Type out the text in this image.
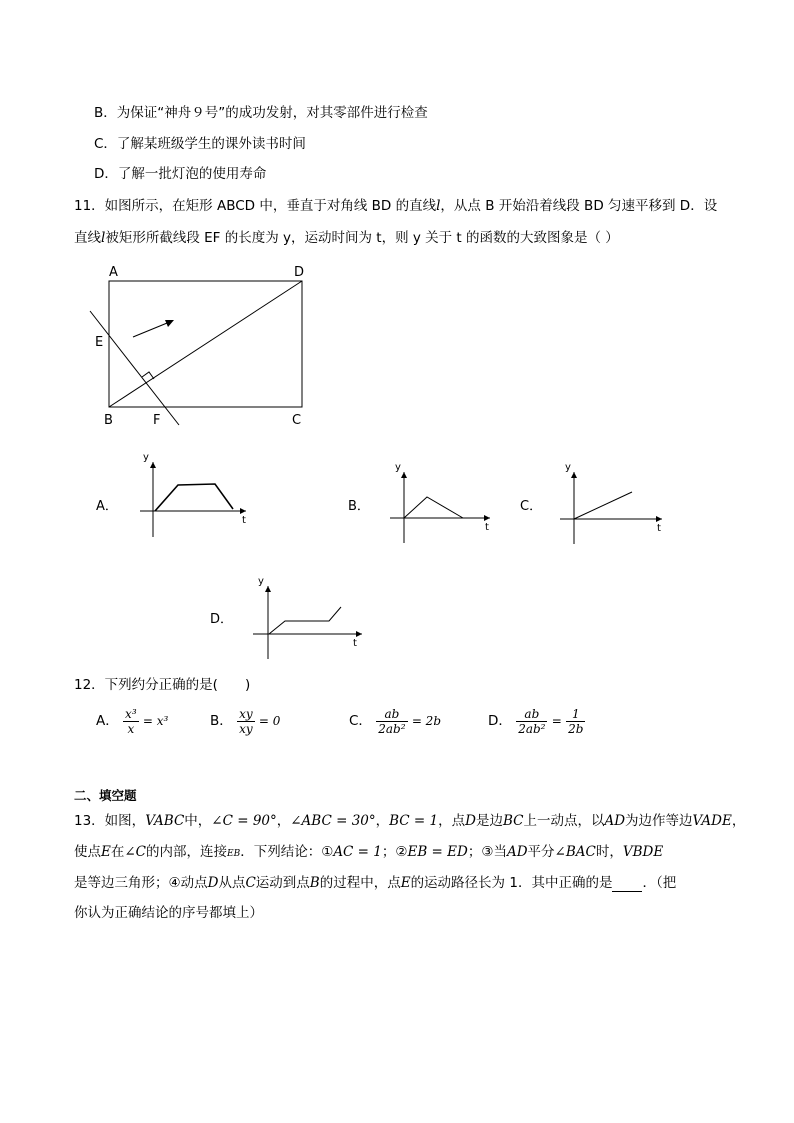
B．为保证“神舟９号”的成功发射，对其零部件进行检查
C．了解某班级学生的课外读书时间
D．了解一批灯泡的使用寿命
11．如图所示，在矩形 ABCD 中，垂直于对角线 BD 的直线l，从点 B 开始沿着线段 BD 匀速平移到 D．设
直线l被矩形所截线段 EF 的长度为 y，运动时间为 t，则 y 关于 t 的函数的大致图象是（ ）
A	D
E
B	F	C
A．
y
t
B．
y
t
C．
y
t
D．
y
t
12．下列约分正确的是(　　)
A． $\frac{\text{x³}}{x} = x^3$	B． $\frac{xy}{xy} = 0$	C． $\frac{ab}{\text{2ab²}} = 2b$	D． $\frac{ab}{\text{2ab²}} = \frac{1}{2b}$
二、填空题
13．如图，VABC中，∠C = 90°，∠ABC = 30°，BC = 1，点D是边BC上一动点，以AD为边作等边VADE，
使点E在∠C的内部，连接EB．下列结论：①AC = 1；②EB = ED；③当AD平分∠BAC时，VBDE
是等边三角形；④动点D从点C运动到点B的过程中，点E的运动路径长为 1．其中正确的是 ．（把
你认为正确结论的序号都填上）
